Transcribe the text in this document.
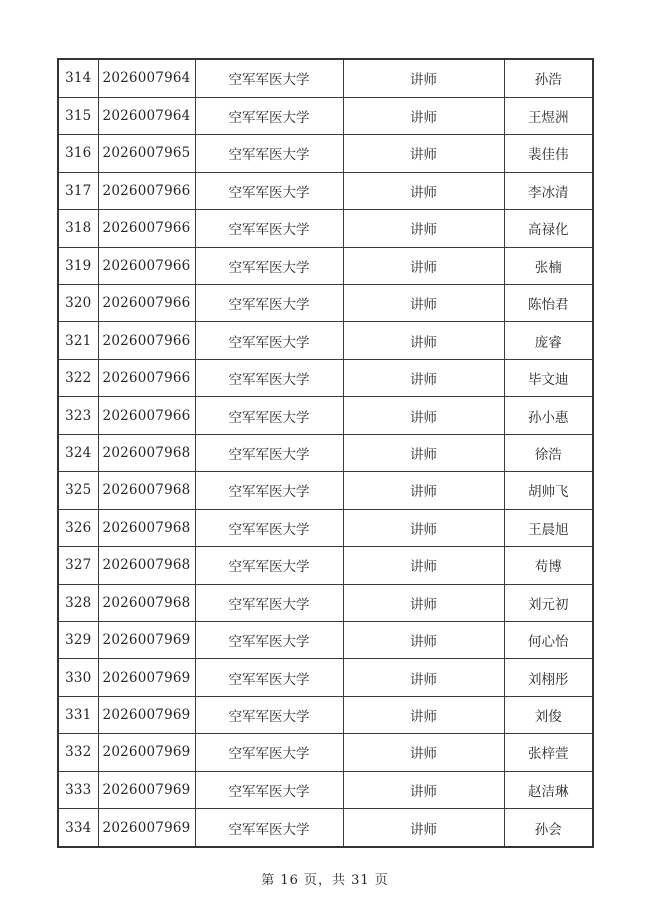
314	2026007964	空军军医大学	讲师	孙浩
315	2026007964	空军军医大学	讲师	王煜洲
316	2026007965	空军军医大学	讲师	裴佳伟
317	2026007966	空军军医大学	讲师	李冰清
318	2026007966	空军军医大学	讲师	高禄化
319	2026007966	空军军医大学	讲师	张楠
320	2026007966	空军军医大学	讲师	陈怡君
321	2026007966	空军军医大学	讲师	庞睿
322	2026007966	空军军医大学	讲师	毕文迪
323	2026007966	空军军医大学	讲师	孙小惠
324	2026007968	空军军医大学	讲师	徐浩
325	2026007968	空军军医大学	讲师	胡帅飞
326	2026007968	空军军医大学	讲师	王晨旭
327	2026007968	空军军医大学	讲师	苟博
328	2026007968	空军军医大学	讲师	刘元初
329	2026007969	空军军医大学	讲师	何心怡
330	2026007969	空军军医大学	讲师	刘栩彤
331	2026007969	空军军医大学	讲师	刘俊
332	2026007969	空军军医大学	讲师	张梓萱
333	2026007969	空军军医大学	讲师	赵洁琳
334	2026007969	空军军医大学	讲师	孙会
第 16 页，共 31 页
